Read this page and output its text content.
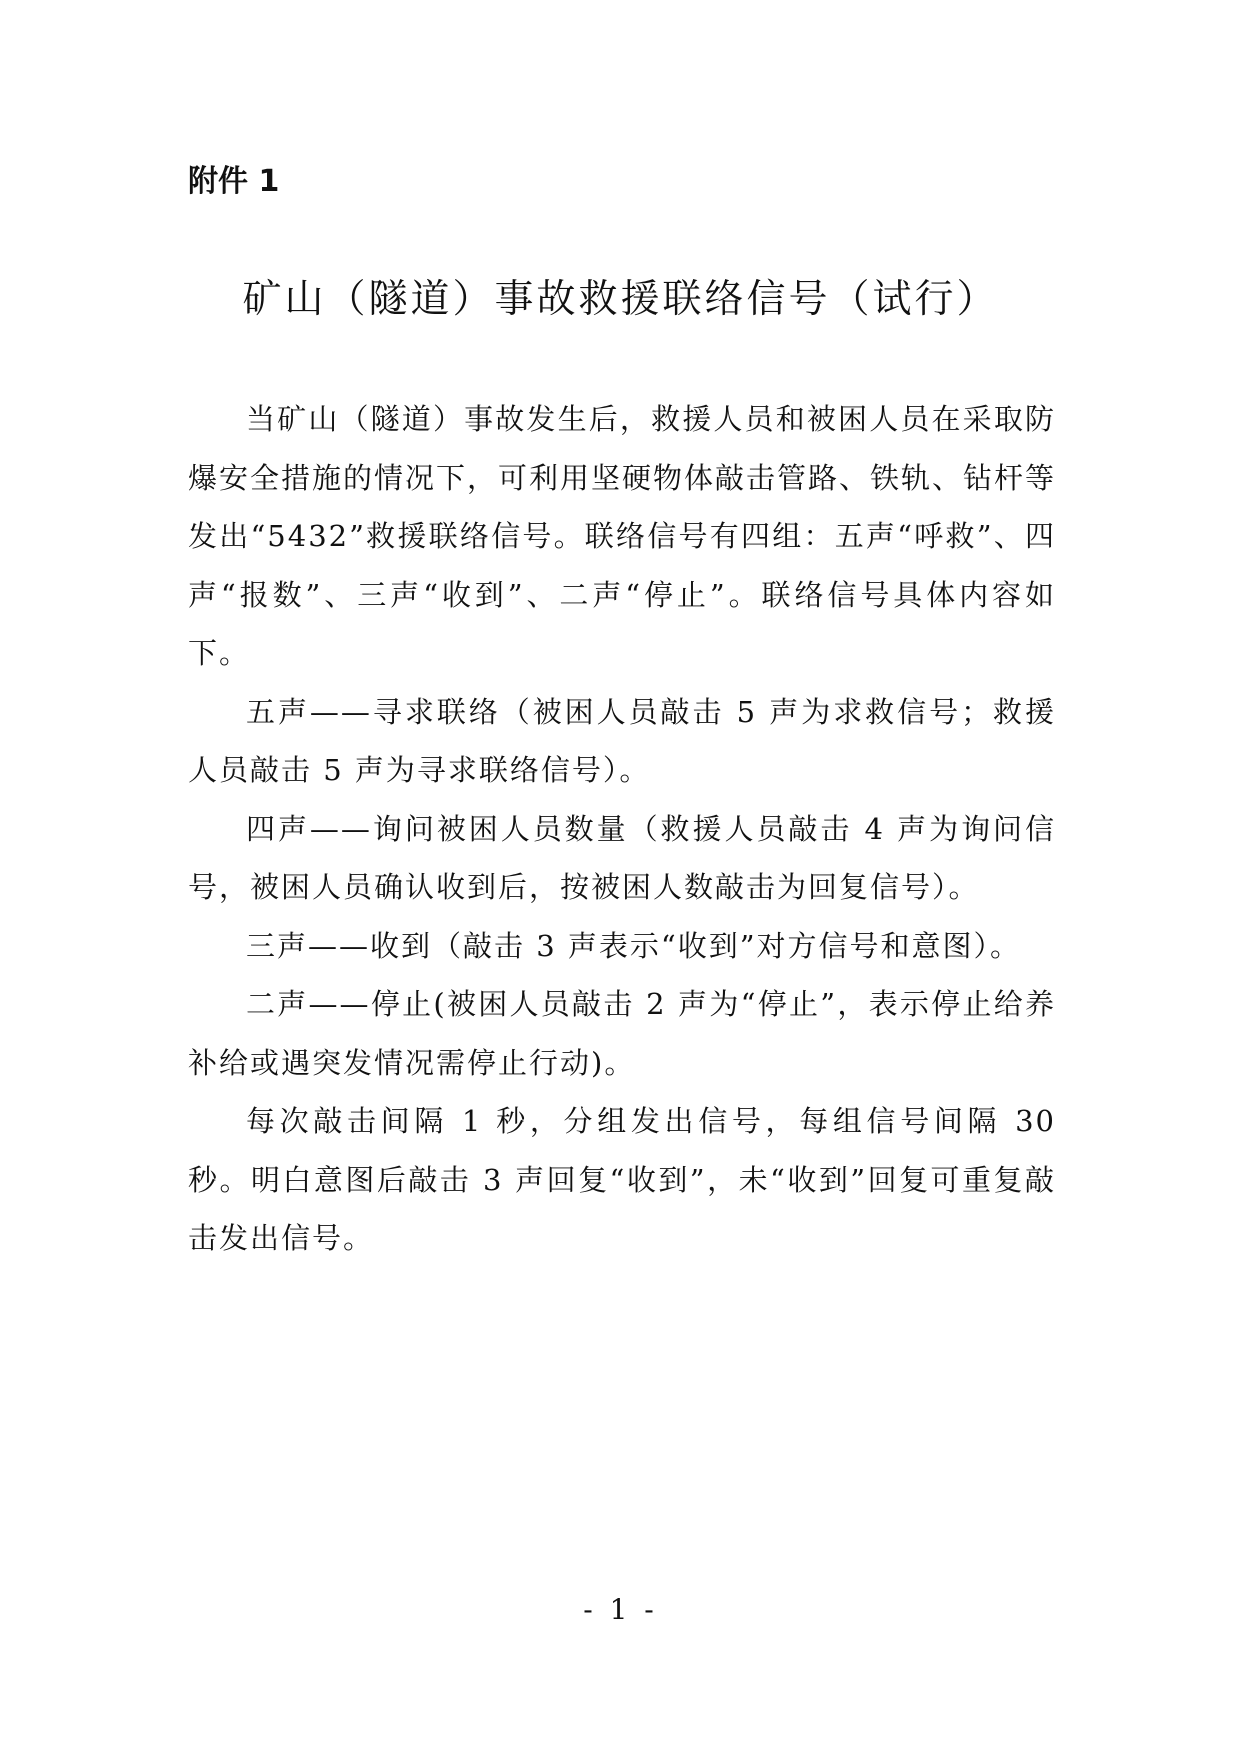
附件 1

矿山（隧道）事故救援联络信号（试行）

当矿山（隧道）事故发生后，救援人员和被困人员在采取防爆安全措施的情况下，可利用坚硬物体敲击管路、铁轨、钻杆等发出“5432”救援联络信号。联络信号有四组：五声“呼救”、四声“报数”、三声“收到”、二声“停止”。联络信号具体内容如下。

五声——寻求联络（被困人员敲击 5 声为求救信号；救援人员敲击 5 声为寻求联络信号）。

四声——询问被困人员数量（救援人员敲击 4 声为询问信号，被困人员确认收到后，按被困人数敲击为回复信号）。

三声——收到（敲击 3 声表示“收到”对方信号和意图）。

二声——停止(被困人员敲击 2 声为“停止”，表示停止给养补给或遇突发情况需停止行动)。

每次敲击间隔 1 秒，分组发出信号，每组信号间隔 30 秒。明白意图后敲击 3 声回复“收到”，未“收到”回复可重复敲击发出信号。

- 1 -
